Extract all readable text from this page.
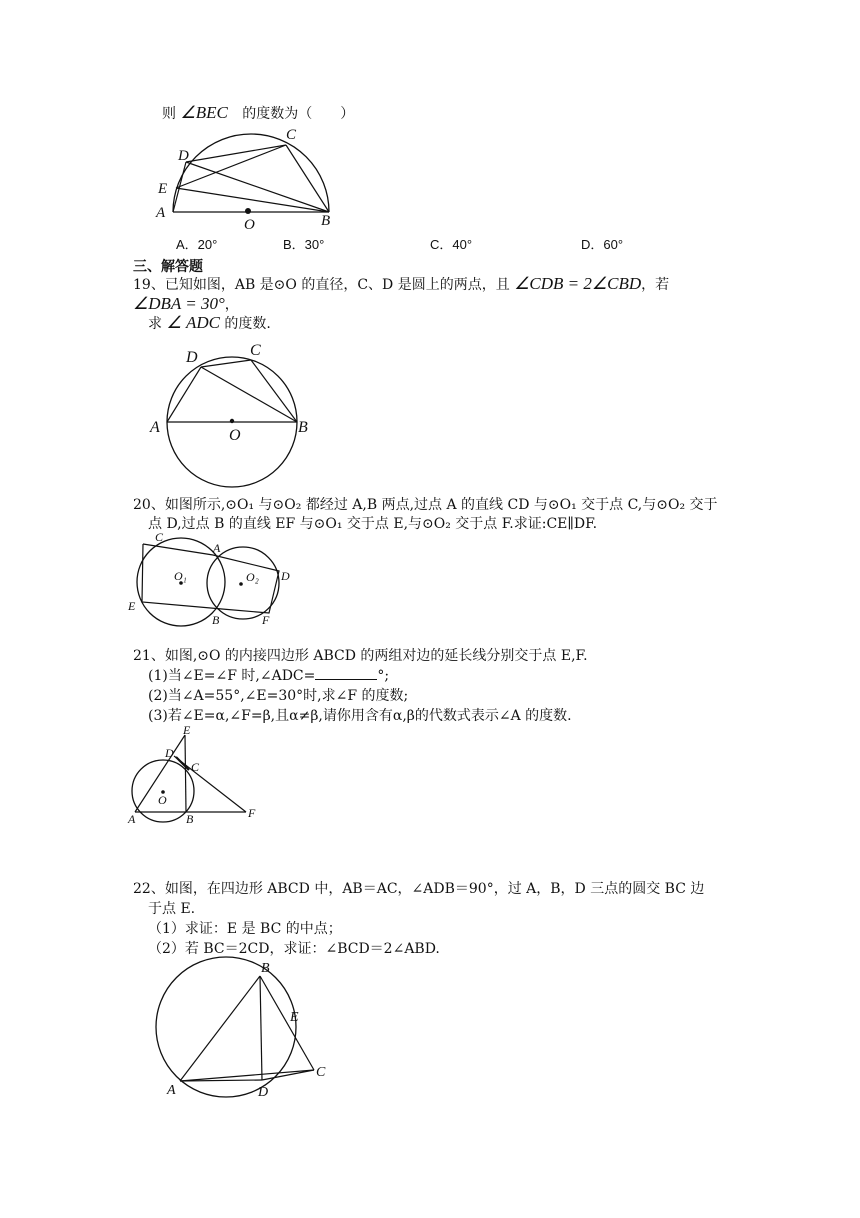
则 ∠BEC 的度数为（　　）
C
D
E
A
O	B
A．20°	B．30°	C．40°	D．60°
三、解答题
19、已知如图，AB 是⊙O 的直径，C、D 是圆上的两点，且 ∠CDB = 2∠CBD，若
∠DBA = 30°，
求 ∠ ADC 的度数.
D	C
A	O	B
20、如图所示,⊙O₁ 与⊙O₂ 都经过 A,B 两点,过点 A 的直线 CD 与⊙O₁ 交于点 C,与⊙O₂ 交于
点 D,过点 B 的直线 EF 与⊙O₁ 交于点 E,与⊙O₂ 交于点 F.求证:CE∥DF.
C
A
O₁	O₂ D
E
B	F
21、如图,⊙O 的内接四边形 ABCD 的两组对边的延长线分别交于点 E,F.
(1)当∠E=∠F 时,∠ADC=	°;
(2)当∠A=55°,∠E=30°时,求∠F 的度数;
(3)若∠E=α,∠F=β,且α≠β,请你用含有α,β的代数式表示∠A 的度数.
E
D
C
O
A	B	F
22、如图，在四边形 ABCD 中，AB＝AC，∠ADB＝90°，过 A，B，D 三点的圆交 BC 边
于点 E.
（1）求证：E 是 BC 的中点；
（2）若 BC＝2CD，求证：∠BCD＝2∠ABD.
B
E
C
A	D
